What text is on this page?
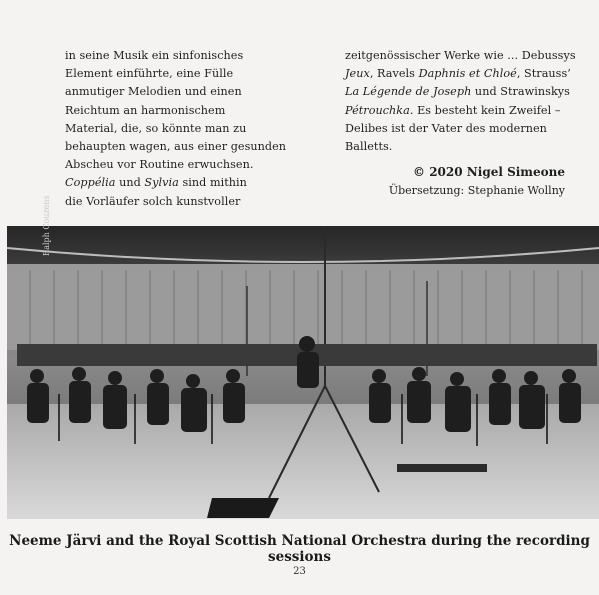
in seine Musik ein sinfonisches
Element einführte, eine Fülle
anmutiger Melodien und einen
Reichtum an harmonischem
Material, die, so könnte man zu
behaupten wagen, aus einer gesunden
Abscheu vor Routine erwuchsen.
Coppélia und Sylvia sind mithin
die Vorläufer solch kunstvoller
zeitgenössischer Werke wie ... Debussys
Jeux, Ravels Daphnis et Chloé, Strauss’
La Légende de Joseph und Strawinskys
Pétrouchka. Es besteht kein Zweifel –
Delibes ist der Vater des modernen
Balletts.
© 2020 Nigel Simeone
Übersetzung: Stephanie Wollny
Ralph Couzens
Neeme Järvi and the Royal Scottish National Orchestra during the recording sessions
23
